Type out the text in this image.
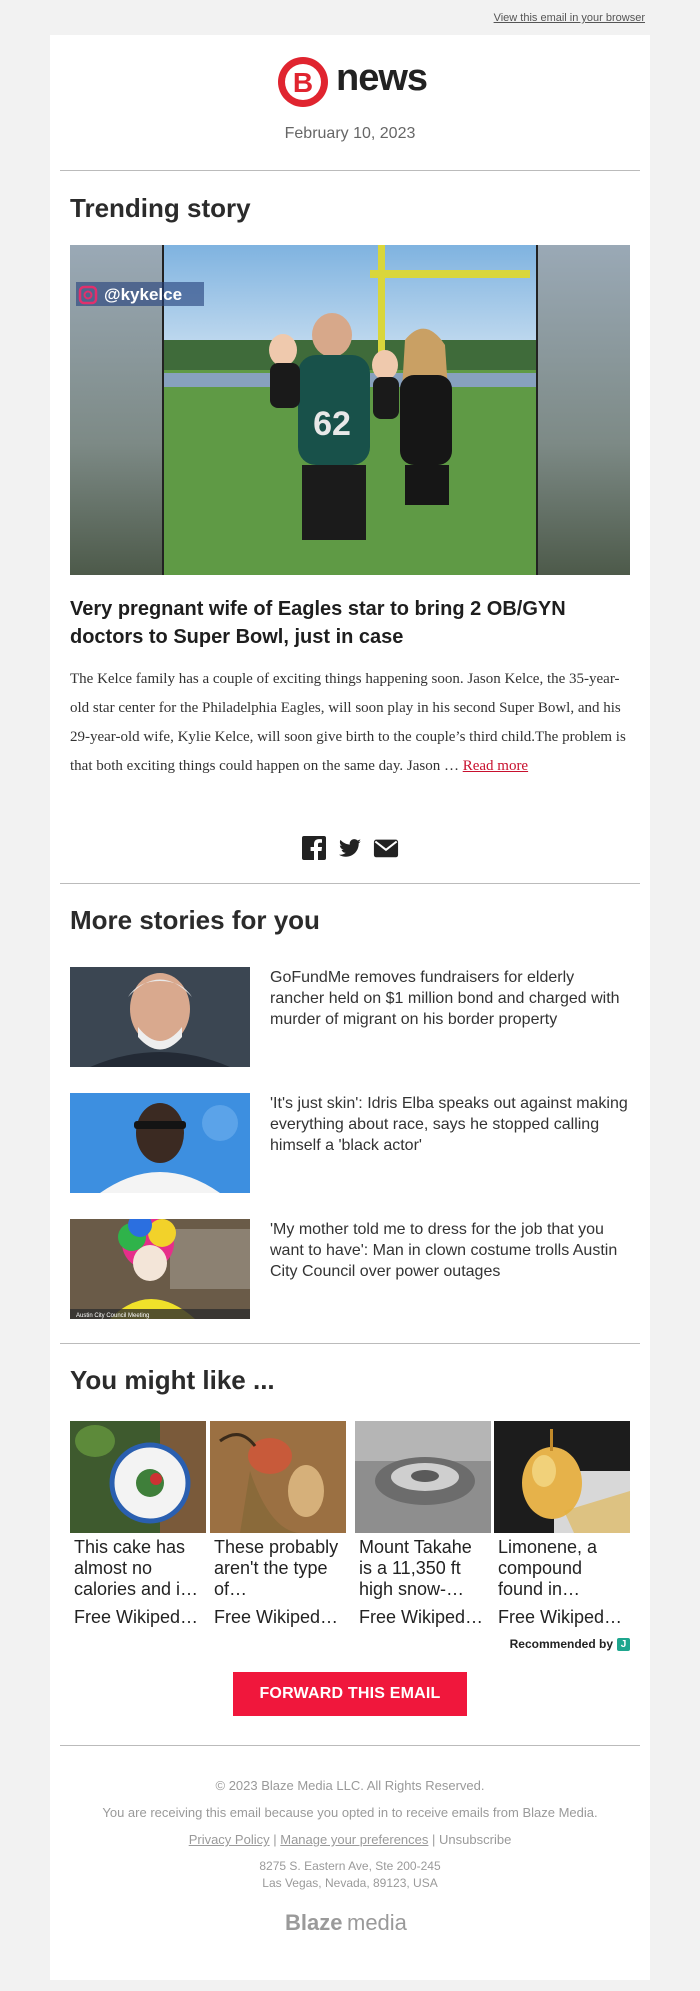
View this email in your browser
B news
February 10, 2023
Trending story
62
@kykelce
Very pregnant wife of Eagles star to bring 2 OB/GYN doctors to Super Bowl, just in case
The Kelce family has a couple of exciting things happening soon. Jason Kelce, the 35-year-old star center for the Philadelphia Eagles, will soon play in his second Super Bowl, and his 29-year-old wife, Kylie Kelce, will soon give birth to the couple’s third child.The problem is that both exciting things could happen on the same day. Jason … Read more
More stories for you
GoFundMe removes fundraisers for elderly rancher held on $1 million bond and charged with murder of migrant on his border property
'It's just skin': Idris Elba speaks out against making everything about race, says he stopped calling himself a 'black actor'
Austin City Council Meeting
'My mother told me to dress for the job that you want to have': Man in clown costume trolls Austin City Council over power outages
You might like ...
This cake has almost no calories and i…
Free Wikipedi…
These probably aren't the type of…
Free Wikipedi…
Mount Takahe is a 11,350 ft high snow-…
Free Wikipedi…
Limonene, a compound found in…
Free Wikipedi…
Recommended by J
FORWARD THIS EMAIL
© 2023 Blaze Media LLC. All Rights Reserved.
You are receiving this email because you opted in to receive emails from Blaze Media.
Privacy Policy | Manage your preferences | Unsubscribe
8275 S. Eastern Ave, Ste 200-245
Las Vegas, Nevada, 89123, USA
Blaze media
